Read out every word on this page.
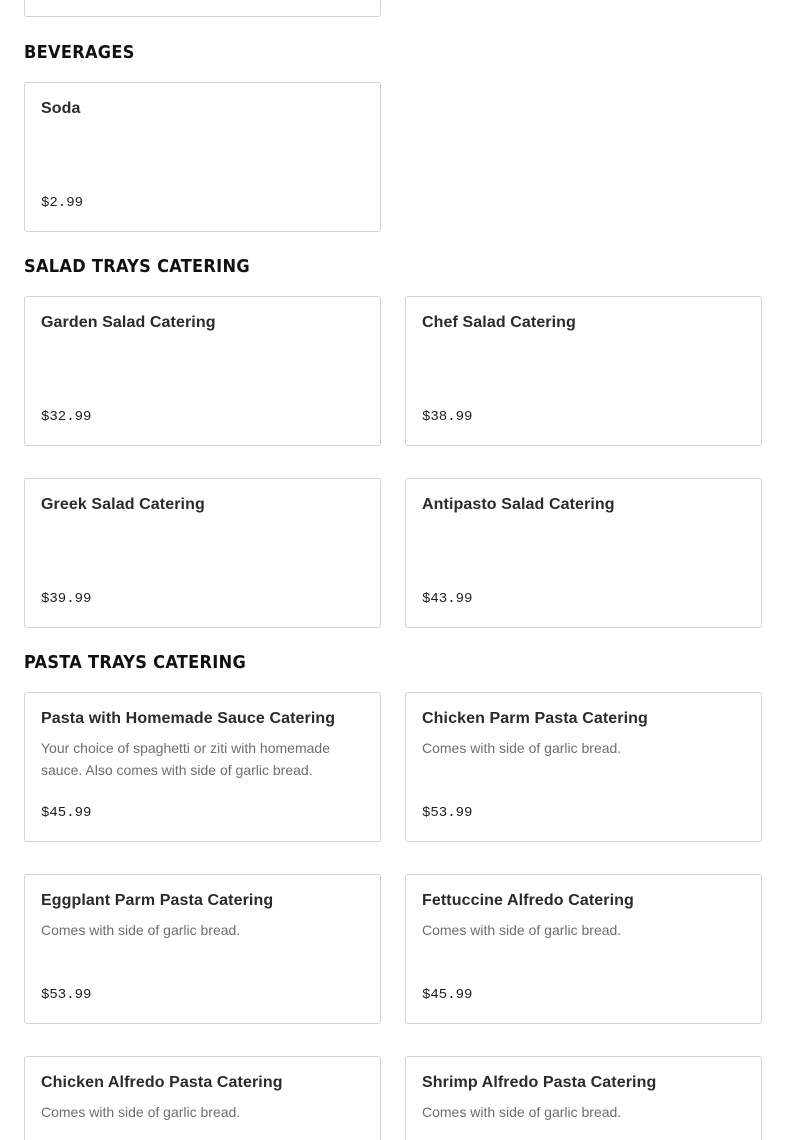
BEVERAGES
Soda
$2.99
SALAD TRAYS CATERING
Garden Salad Catering
$32.99
Chef Salad Catering
$38.99
Greek Salad Catering
$39.99
Antipasto Salad Catering
$43.99
PASTA TRAYS CATERING
Pasta with Homemade Sauce Catering
Your choice of spaghetti or ziti with homemade sauce. Also comes with side of garlic bread.
$45.99
Chicken Parm Pasta Catering
Comes with side of garlic bread.
$53.99
Eggplant Parm Pasta Catering
Comes with side of garlic bread.
$53.99
Fettuccine Alfredo Catering
Comes with side of garlic bread.
$45.99
Chicken Alfredo Pasta Catering
Comes with side of garlic bread.
Shrimp Alfredo Pasta Catering
Comes with side of garlic bread.
